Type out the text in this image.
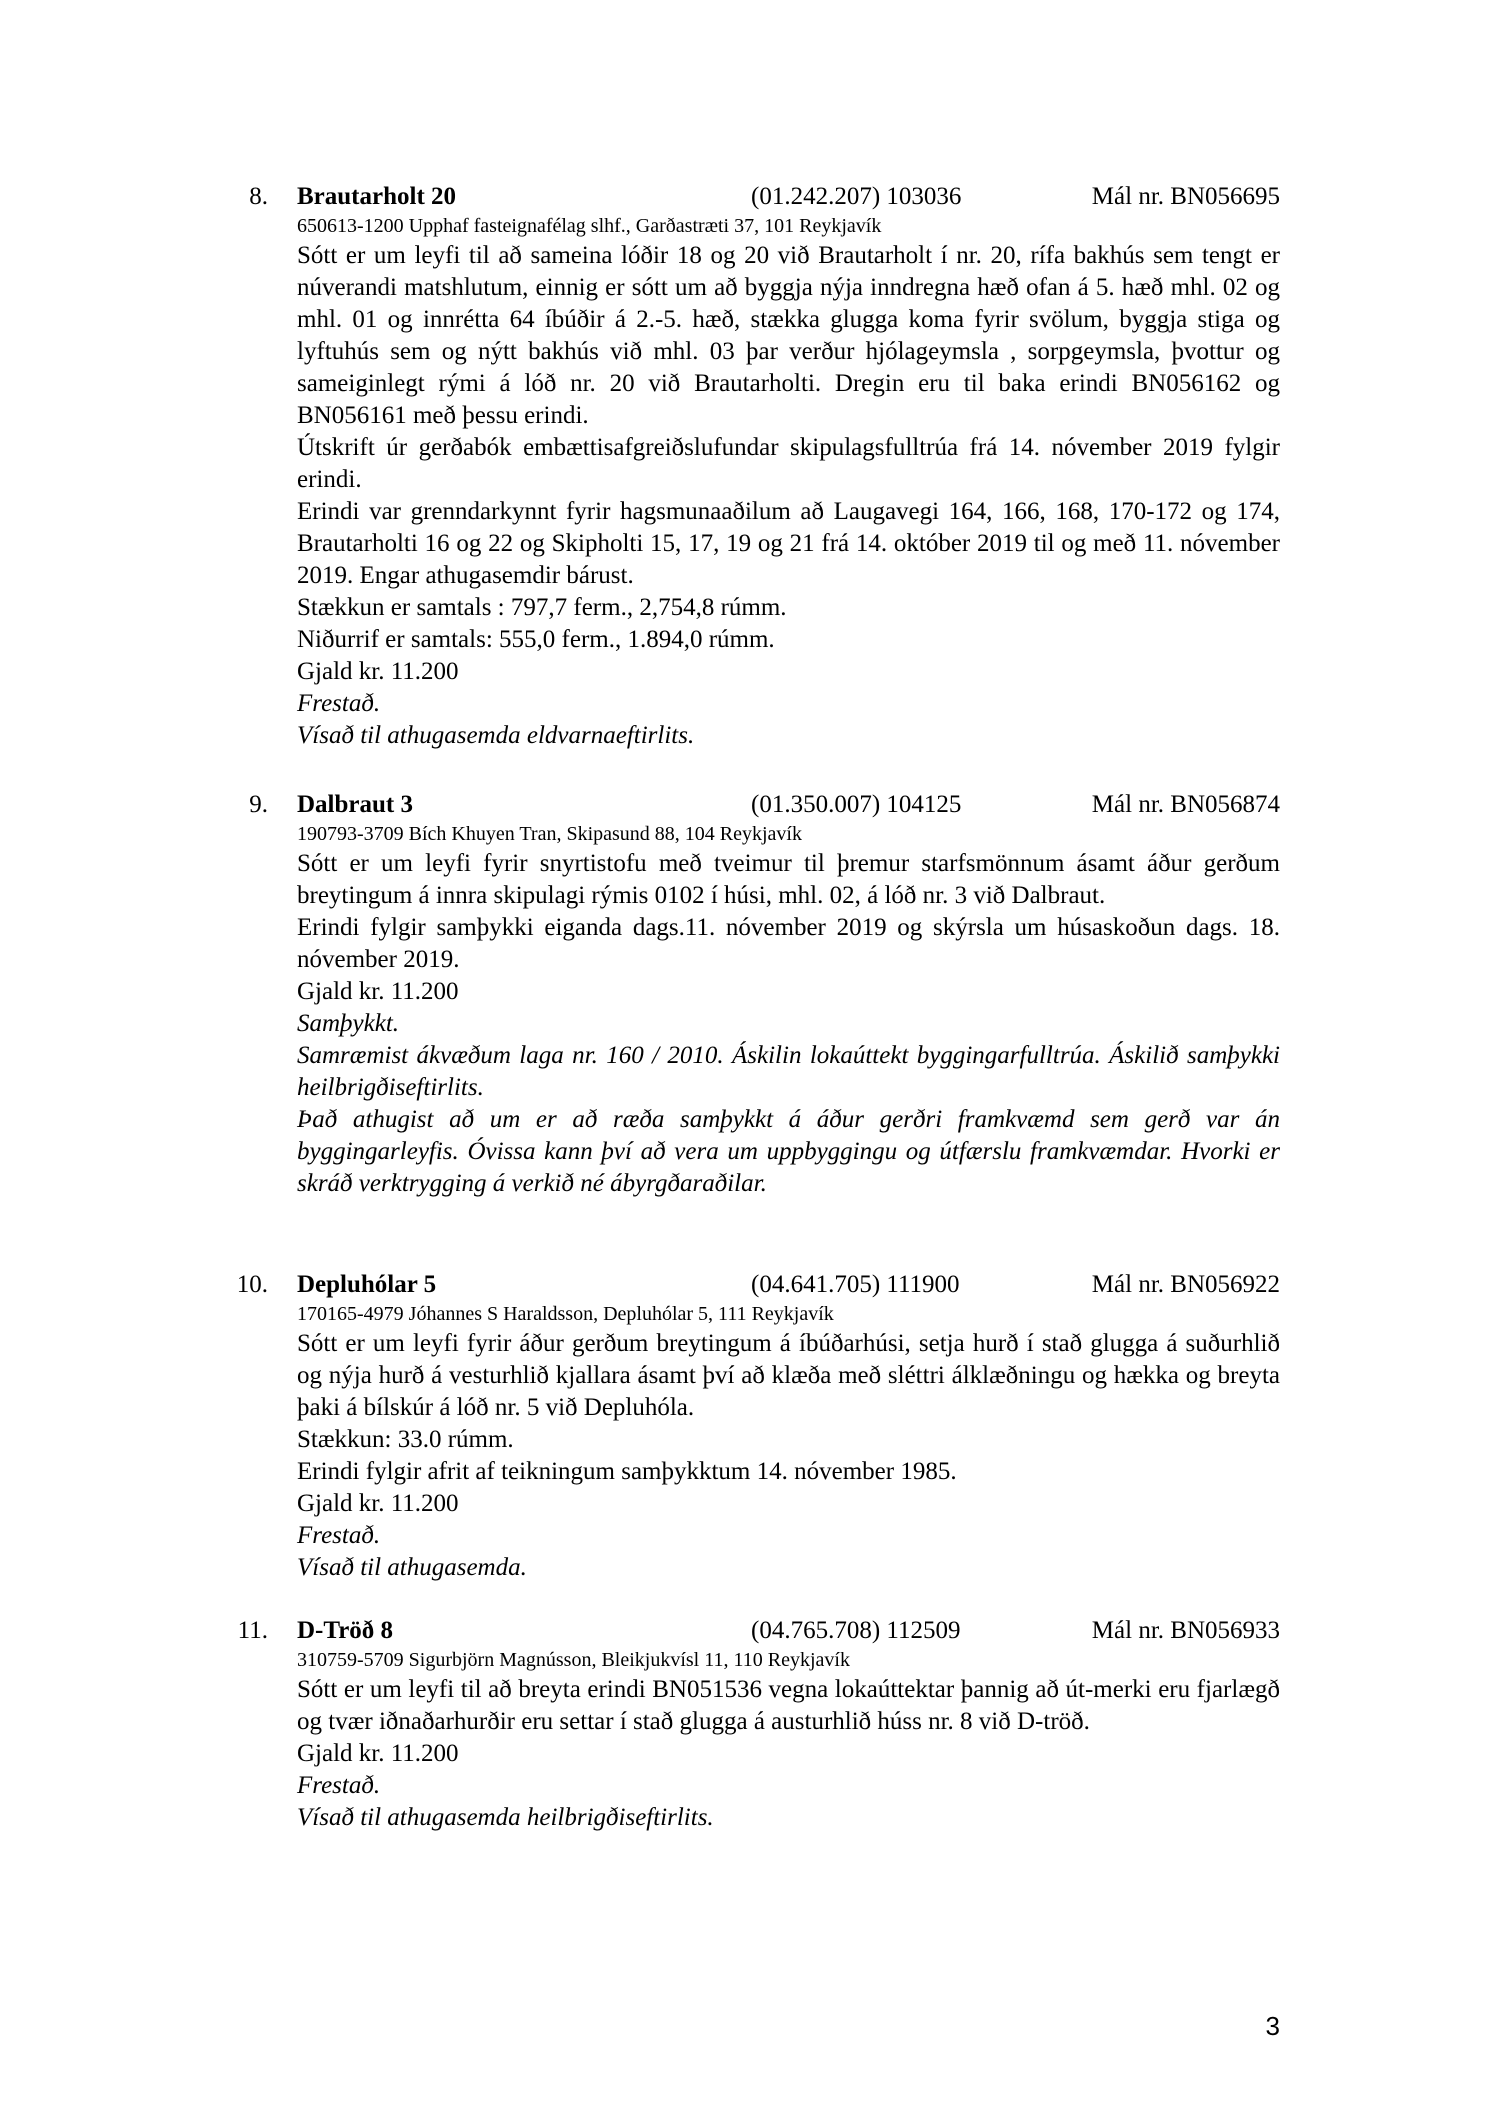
8. Brautarholt 20	(01.242.207) 103036	Mál nr. BN056695
650613-1200 Upphaf fasteignafélag slhf., Garðastræti 37, 101 Reykjavík

Sótt er um leyfi til að sameina lóðir 18 og 20 við Brautarholt í nr. 20, rífa bakhús sem tengt er núverandi matshlutum, einnig er sótt um að byggja nýja inndregna hæð ofan á 5. hæð mhl. 02 og mhl. 01 og innrétta 64 íbúðir á 2.-5. hæð, stækka glugga koma fyrir svölum, byggja stiga og lyftuhús sem og nýtt bakhús við mhl. 03 þar verður hjólageymsla , sorpgeymsla, þvottur og sameiginlegt rými á lóð nr. 20 við Brautarholti. Dregin eru til baka erindi BN056162 og BN056161 með þessu erindi.

Útskrift úr gerðabók embættisafgreiðslufundar skipulagsfulltrúa frá 14. nóvember 2019 fylgir erindi.

Erindi var grenndarkynnt fyrir hagsmunaaðilum að Laugavegi 164, 166, 168, 170-172 og 174, Brautarholti 16 og 22 og Skipholti 15, 17, 19 og 21 frá 14. október 2019 til og með 11. nóvember 2019. Engar athugasemdir bárust.

Stækkun er samtals : 797,7 ferm., 2,754,8 rúmm.
Niðurrif er samtals: 555,0 ferm., 1.894,0 rúmm.
Gjald kr. 11.200

Frestað.

Vísað til athugasemda eldvarnaeftirlits.

9. Dalbraut 3	(01.350.007) 104125	Mál nr. BN056874
190793-3709 Bích Khuyen Tran, Skipasund 88, 104 Reykjavík

Sótt er um leyfi fyrir snyrtistofu með tveimur til þremur starfsmönnum ásamt áður gerðum breytingum á innra skipulagi rýmis 0102 í húsi, mhl. 02, á lóð nr. 3 við Dalbraut.

Erindi fylgir samþykki eiganda dags.11. nóvember 2019 og skýrsla um húsaskoðun dags. 18. nóvember 2019.

Gjald kr. 11.200

Samþykkt.

Samræmist ákvæðum laga nr. 160 / 2010. Áskilin lokaúttekt byggingarfulltrúa. Áskilið samþykki heilbrigðiseftirlits.

Það athugist að um er að ræða samþykkt á áður gerðri framkvæmd sem gerð var án byggingarleyfis. Óvissa kann því að vera um uppbyggingu og útfærslu framkvæmdar. Hvorki er skráð verktrygging á verkið né ábyrgðaraðilar.

10. Depluhólar 5	(04.641.705) 111900	Mál nr. BN056922
170165-4979 Jóhannes S Haraldsson, Depluhólar 5, 111 Reykjavík

Sótt er um leyfi fyrir áður gerðum breytingum á íbúðarhúsi, setja hurð í stað glugga á suðurhlið og nýja hurð á vesturhlið kjallara ásamt því að klæða með sléttri álklæðningu og hækka og breyta þaki á bílskúr á lóð nr. 5 við Depluhóla.

Stækkun: 33.0 rúmm.
Erindi fylgir afrit af teikningum samþykktum 14. nóvember 1985.
Gjald kr. 11.200

Frestað.

Vísað til athugasemda.

11. D-Tröð 8	(04.765.708) 112509	Mál nr. BN056933
310759-5709 Sigurbjörn Magnússon, Bleikjukvísl 11, 110 Reykjavík

Sótt er um leyfi til að breyta erindi BN051536 vegna lokaúttektar þannig að út-merki eru fjarlægð og tvær iðnaðarhurðir eru settar í stað glugga á austurhlið húss nr. 8 við D-tröð.

Gjald kr. 11.200

Frestað.

Vísað til athugasemda heilbrigðiseftirlits.

3
